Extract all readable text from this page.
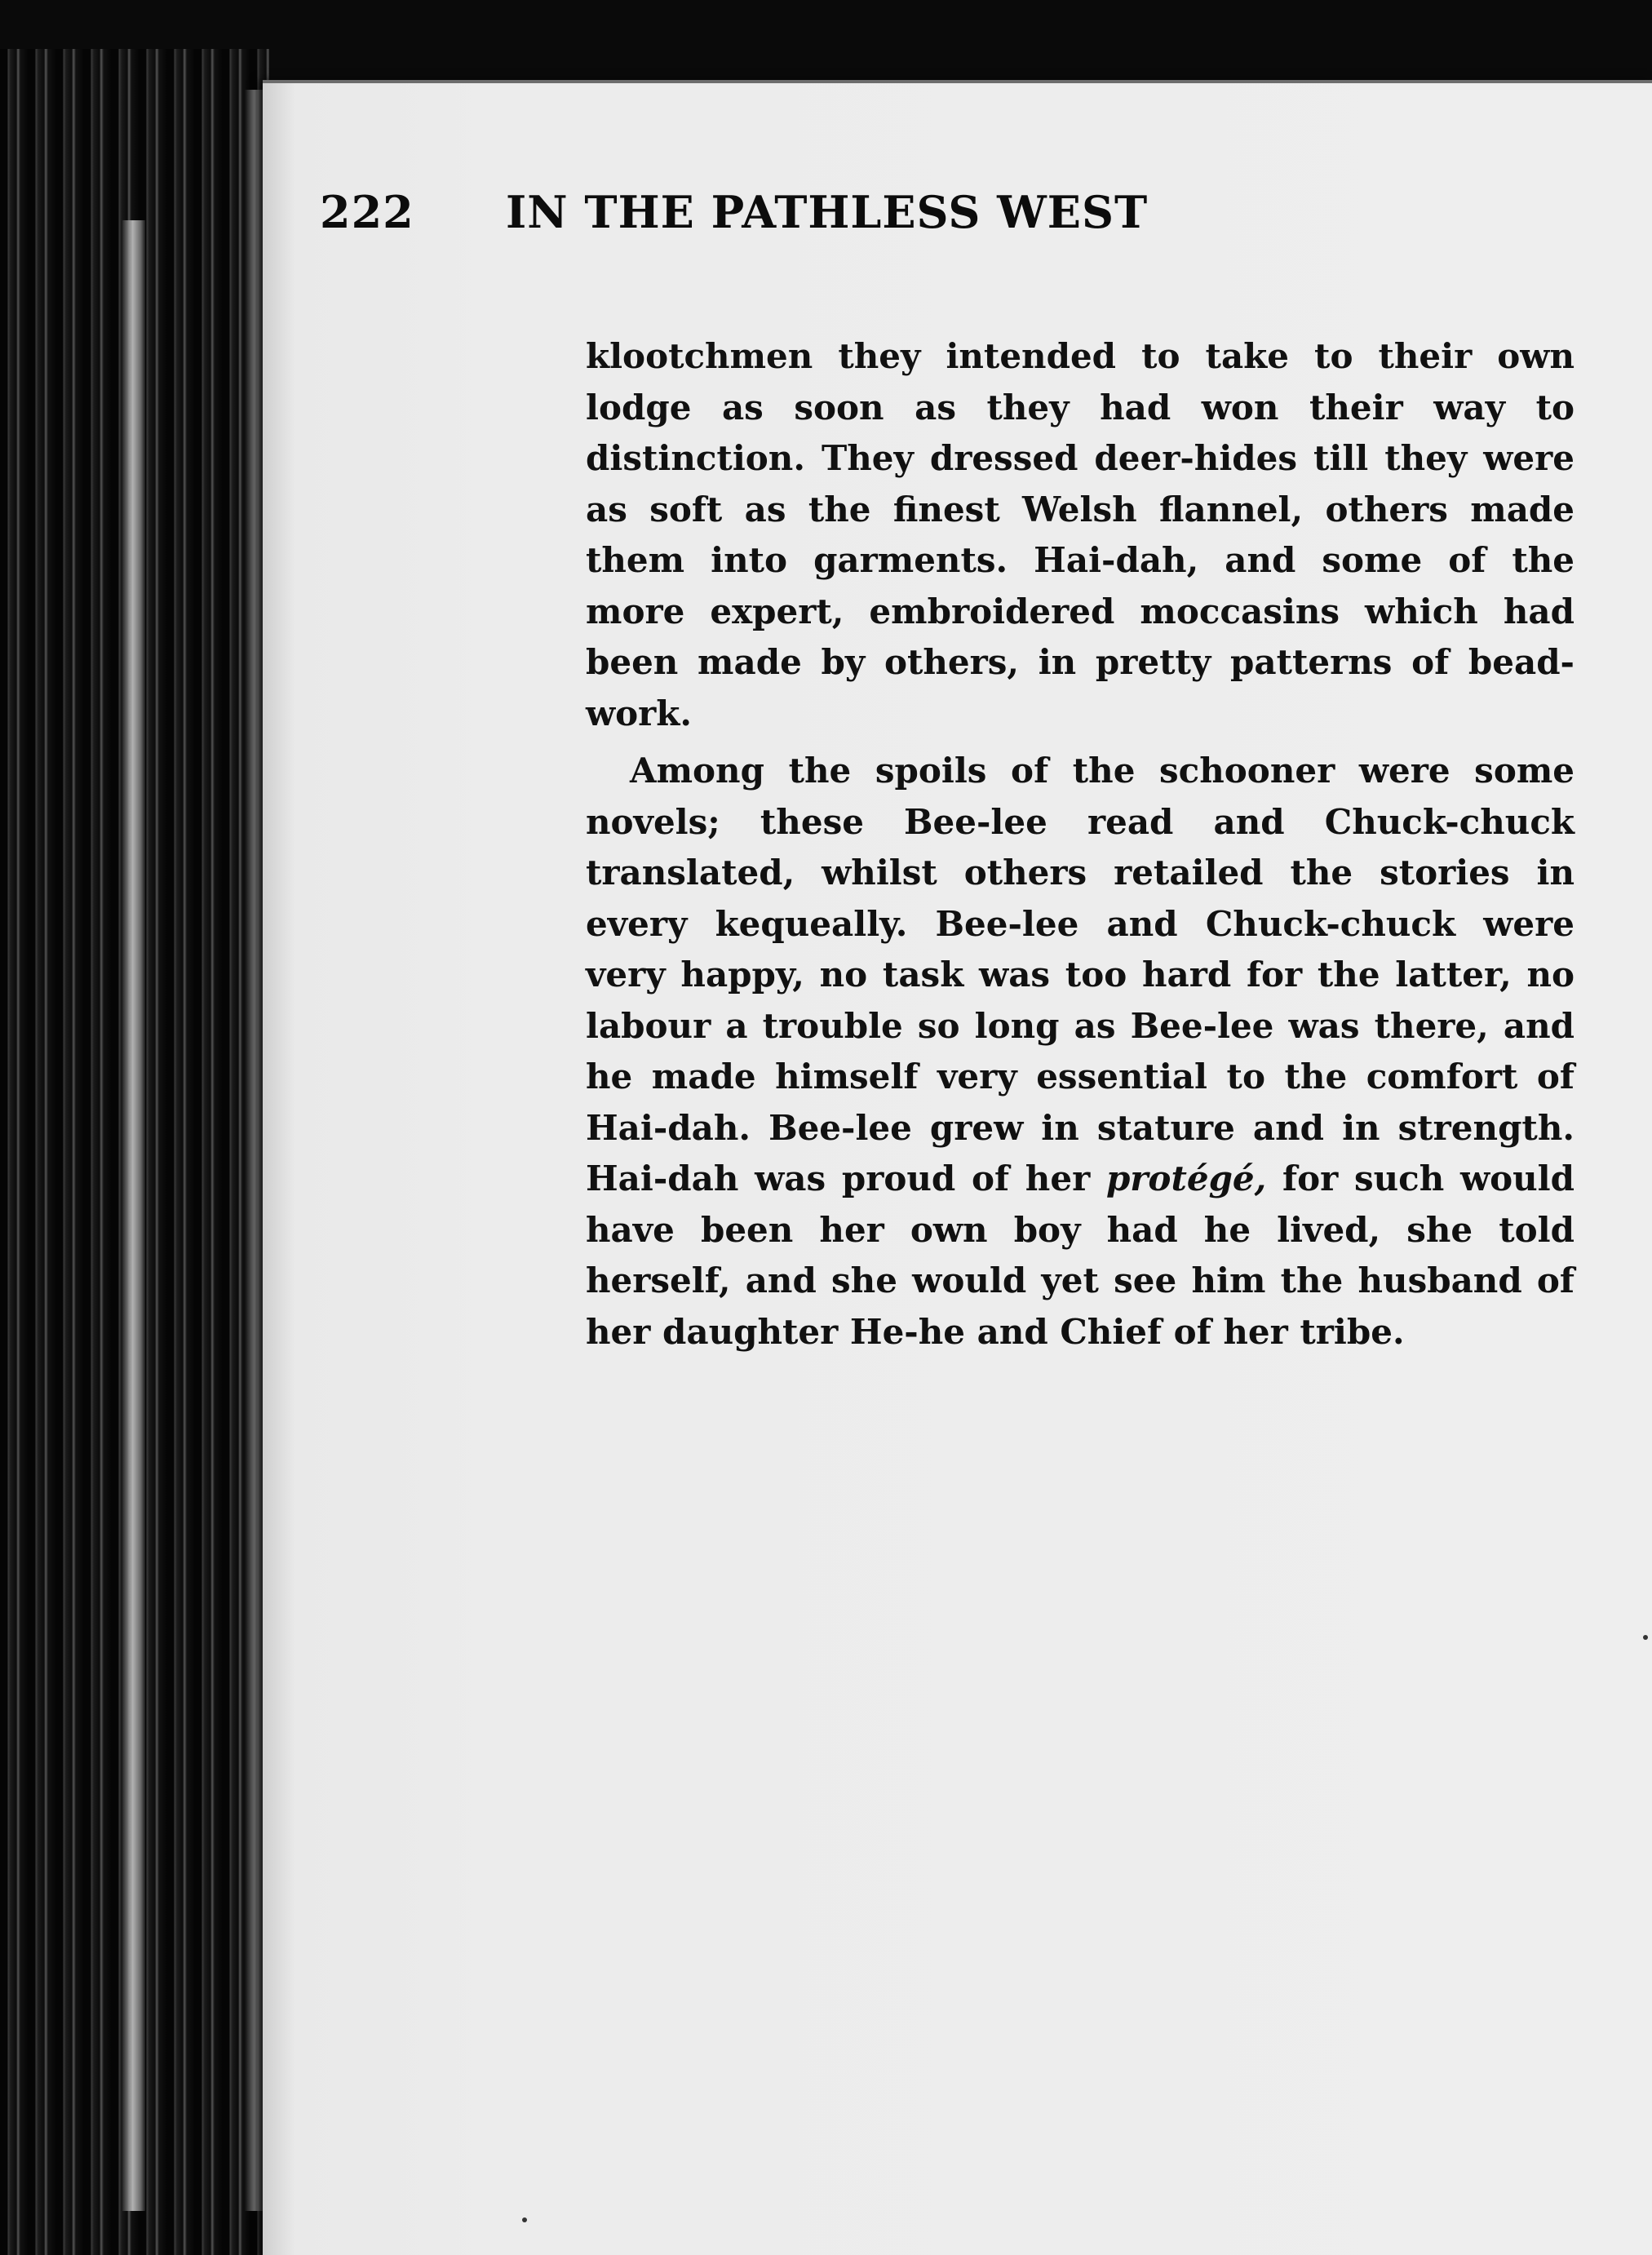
222 IN THE PATHLESS WEST

klootchmen they intended to take to their own lodge as soon as they had won their way to distinction. They dressed deer-hides till they were as soft as the finest Welsh flannel, others made them into garments. Hai-dah, and some of the more expert, embroidered moccasins which had been made by others, in pretty patterns of bead-work.

Among the spoils of the schooner were some novels; these Bee-lee read and Chuck-chuck translated, whilst others retailed the stories in every kequeally. Bee-lee and Chuck-chuck were very happy, no task was too hard for the latter, no labour a trouble so long as Bee-lee was there, and he made himself very essential to the comfort of Hai-dah. Bee-lee grew in stature and in strength. Hai-dah was proud of her protégé, for such would have been her own boy had he lived, she told herself, and she would yet see him the husband of her daughter He-he and Chief of her tribe.
